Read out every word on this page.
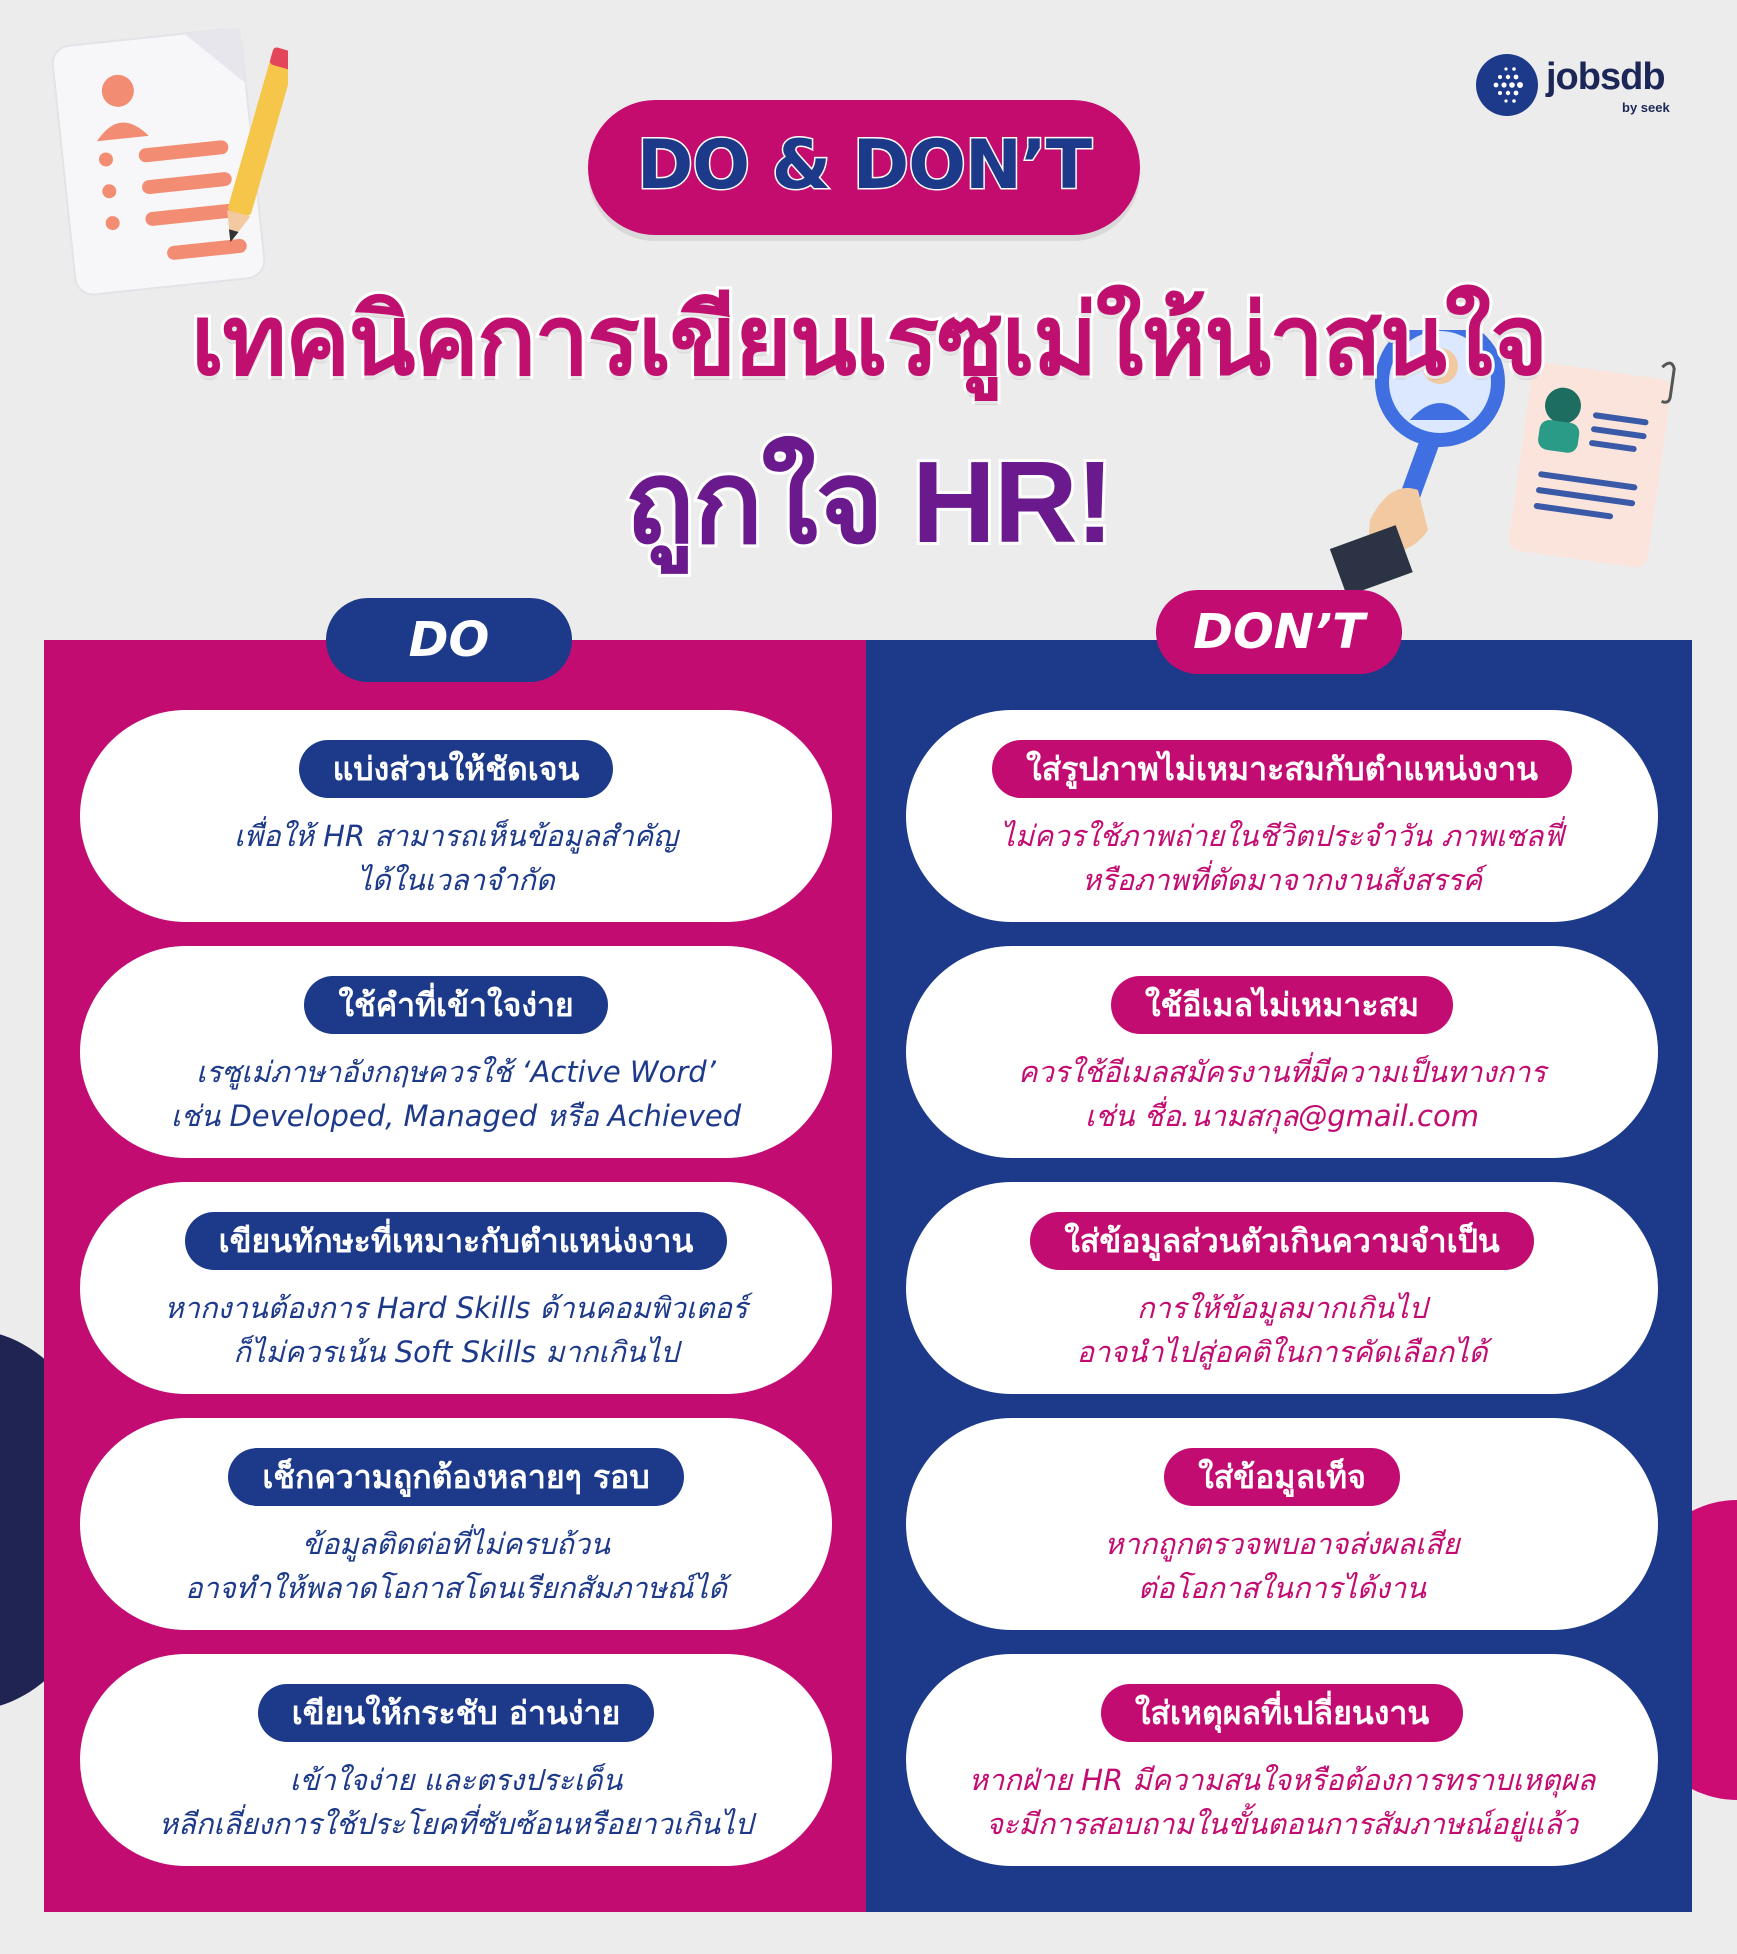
jobsdb
by seek
DO & DON’T
เทคนิคการเขียนเรซูเม่ให้น่าสนใจ
ถูกใจ HR!
DO	DON’T
แบ่งส่วนให้ชัดเจน
เพื่อให้ HR สามารถเห็นข้อมูลสำคัญ
ได้ในเวลาจำกัด
ใช้คำที่เข้าใจง่าย
เรซูเม่ภาษาอังกฤษควรใช้ ‘Active Word’
เช่น Developed, Managed หรือ Achieved
เขียนทักษะที่เหมาะกับตำแหน่งงาน
หากงานต้องการ Hard Skills ด้านคอมพิวเตอร์
ก็ไม่ควรเน้น Soft Skills มากเกินไป
เช็กความถูกต้องหลายๆ รอบ
ข้อมูลติดต่อที่ไม่ครบถ้วน
อาจทำให้พลาดโอกาสโดนเรียกสัมภาษณ์ได้
เขียนให้กระชับ อ่านง่าย
เข้าใจง่าย และตรงประเด็น
หลีกเลี่ยงการใช้ประโยคที่ซับซ้อนหรือยาวเกินไป
ใส่รูปภาพไม่เหมาะสมกับตำแหน่งงาน
ไม่ควรใช้ภาพถ่ายในชีวิตประจำวัน ภาพเซลฟี่
หรือภาพที่ตัดมาจากงานสังสรรค์
ใช้อีเมลไม่เหมาะสม
ควรใช้อีเมลสมัครงานที่มีความเป็นทางการ
เช่น ชื่อ.นามสกุล@gmail.com
ใส่ข้อมูลส่วนตัวเกินความจำเป็น
การให้ข้อมูลมากเกินไป
อาจนำไปสู่อคติในการคัดเลือกได้
ใส่ข้อมูลเท็จ
หากถูกตรวจพบอาจส่งผลเสีย
ต่อโอกาสในการได้งาน
ใส่เหตุผลที่เปลี่ยนงาน
หากฝ่าย HR มีความสนใจหรือต้องการทราบเหตุผล
จะมีการสอบถามในขั้นตอนการสัมภาษณ์อยู่แล้ว
